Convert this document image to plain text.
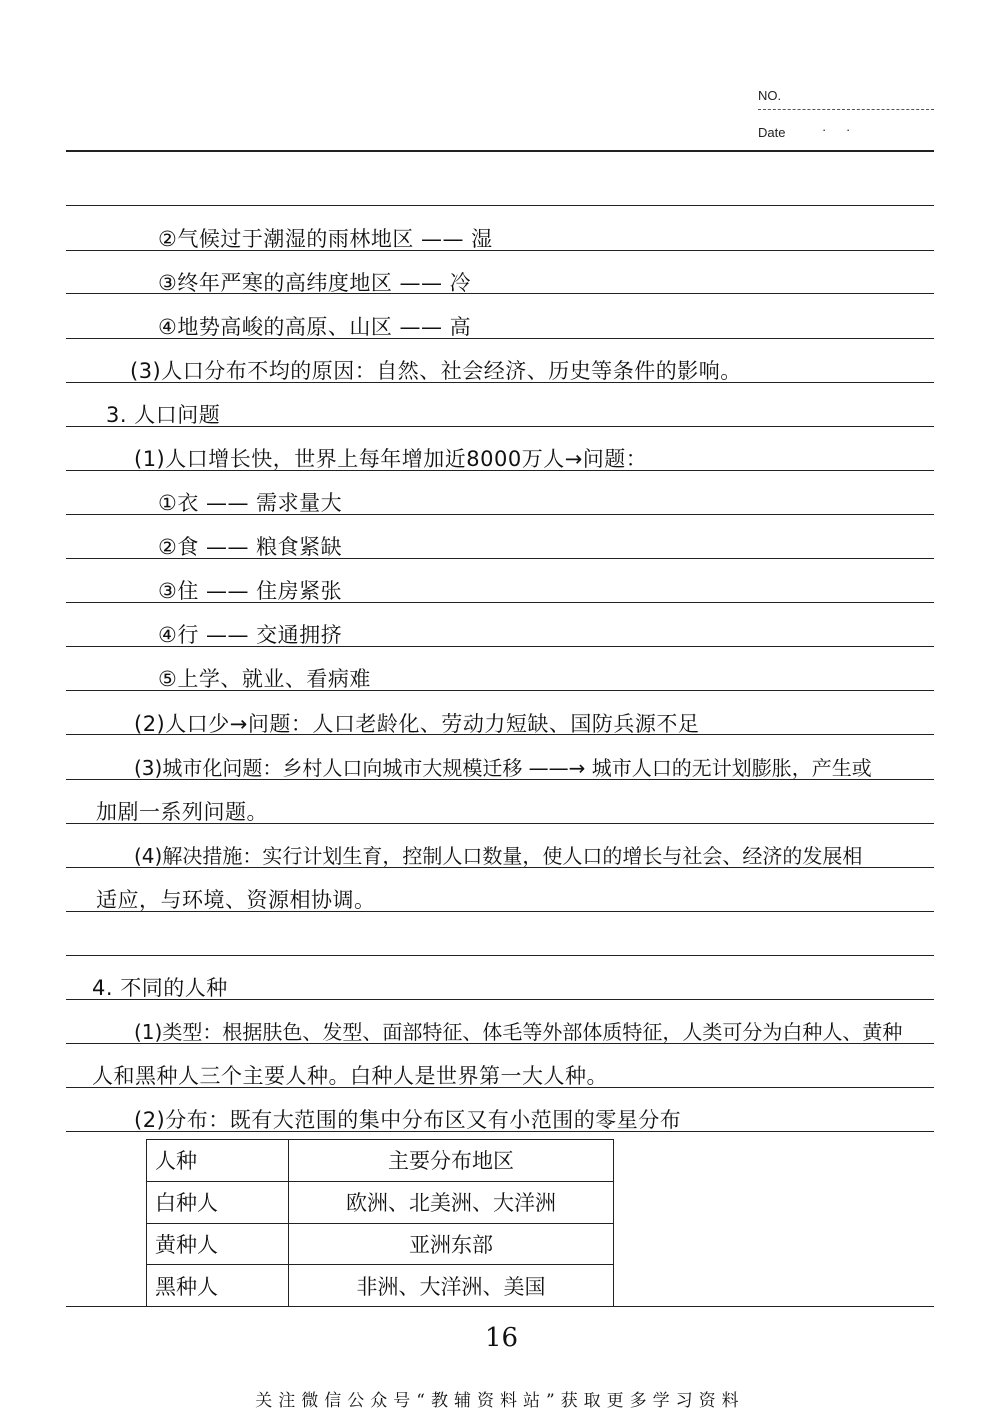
NO.
Date	· ·
②气候过于潮湿的雨林地区 —— 湿
③终年严寒的高纬度地区 —— 冷
④地势高峻的高原、山区 —— 高
(3)人口分布不均的原因：自然、社会经济、历史等条件的影响。
3. 人口问题
(1)人口增长快，世界上每年增加近8000万人→问题：
①衣 —— 需求量大
②食 —— 粮食紧缺
③住 —— 住房紧张
④行 —— 交通拥挤
⑤上学、就业、看病难
(2)人口少→问题：人口老龄化、劳动力短缺、国防兵源不足
(3)城市化问题：乡村人口向城市大规模迁移 ——→ 城市人口的无计划膨胀，产生或
加剧一系列问题。
(4)解决措施：实行计划生育，控制人口数量，使人口的增长与社会、经济的发展相
适应，与环境、资源相协调。
4. 不同的人种
(1)类型：根据肤色、发型、面部特征、体毛等外部体质特征，人类可分为白种人、黄种
人和黑种人三个主要人种。白种人是世界第一大人种。
(2)分布：既有大范围的集中分布区又有小范围的零星分布
人种	主要分布地区
白种人	欧洲、北美洲、大洋洲
黄种人	亚洲东部
黑种人	非洲、大洋洲、美国
16
关注微信公众号“教辅资料站”获取更多学习资料
